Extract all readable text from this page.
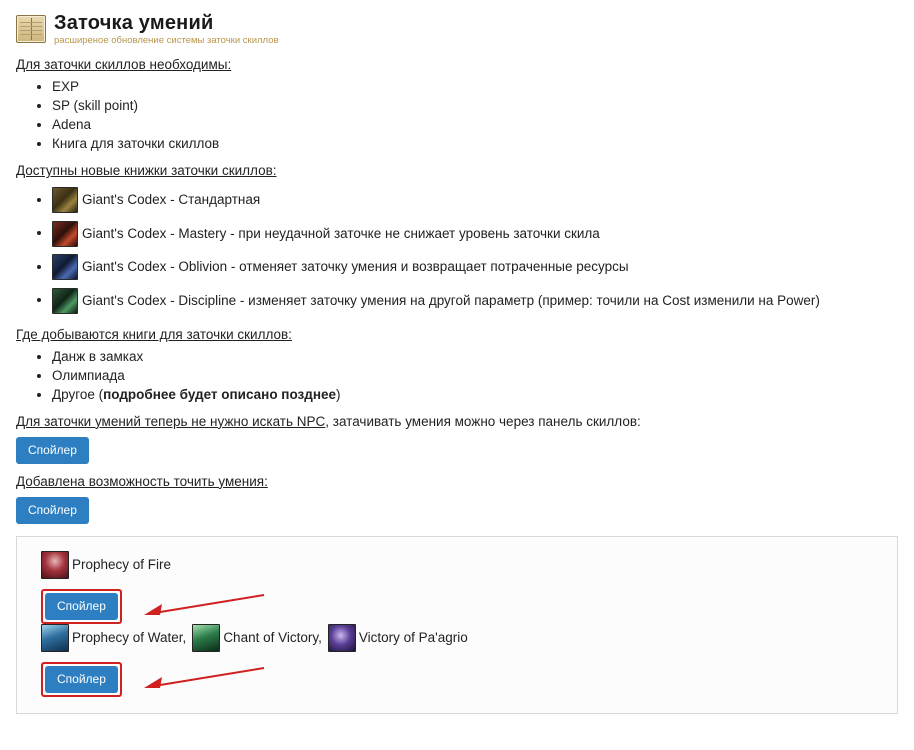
Заточка умений
расширеное обновление системы заточки скиллов
Для заточки скиллов необходимы:
• EXP
• SP (skill point)
• Adena
• Книга для заточки скиллов
Доступны новые книжки заточки скиллов:
• Giant's Codex - Стандартная
• Giant's Codex - Mastery - при неудачной заточке не снижает уровень заточки скила
• Giant's Codex - Oblivion - отменяет заточку умения и возвращает потраченные ресурсы
• Giant's Codex - Discipline - изменяет заточку умения на другой параметр (пример: точили на Cost изменили на Power)
Где добываются книги для заточки скиллов:
• Данж в замках
• Олимпиада
• Другое (подробнее будет описано позднее)
Для заточки умений теперь не нужно искать NPC, затачивать умения можно через панель скиллов:
Спойлер
Добавлена возможность точить умения:
Спойлер
Prophecy of Fire
Спойлер
Prophecy of Water,	Chant of Victory,	Victory of Pa'agrio
Спойлер
